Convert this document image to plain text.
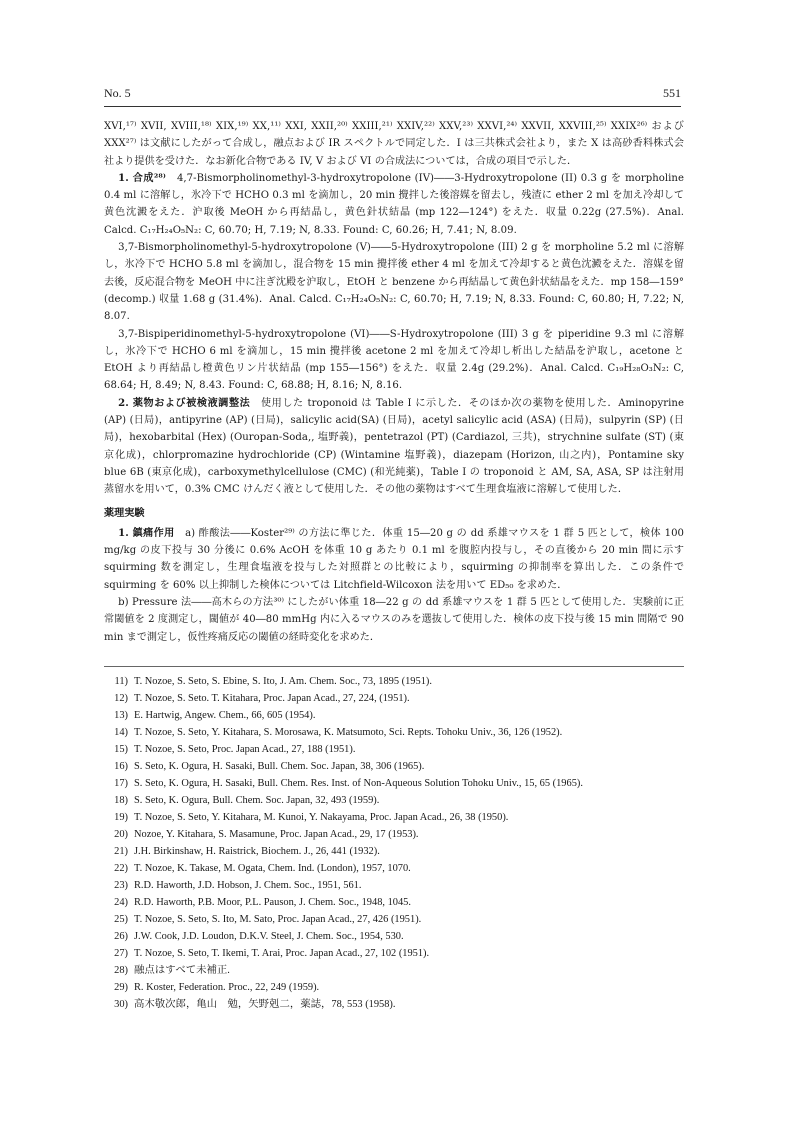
No. 5	551

XVI,¹⁷⁾ XVII, XVIII,¹⁸⁾ XIX,¹⁹⁾ XX,¹¹⁾ XXI, XXII,²⁰⁾ XXIII,²¹⁾ XXIV,²²⁾ XXV,²³⁾ XXVI,²⁴⁾ XXVII, XXVIII,²⁵⁾ XXIX²⁶⁾ および XXX²⁷⁾ は文献にしたがって合成し，融点および IR スペクトルで同定した．I は三共株式会社より，また X は高砂香料株式会社より提供を受けた．なお新化合物である IV, V および VI の合成法については，合成の項目で示した．

1. 合成²⁸⁾　 4,7-Bismorpholinomethyl-3-hydroxytropolone (IV)――3-Hydroxytropolone (II) 0.3 g を morpholine 0.4 ml に溶解し，氷冷下で HCHO 0.3 ml を滴加し，20 min 攪拌した後溶媒を留去し，残渣に ether 2 ml を加え冷却して黄色沈澱をえた．沪取後 MeOH から再結晶し，黄色針状結晶 (mp 122―124°) をえた．収量 0.22g (27.5%)．Anal. Calcd. C₁₇H₂₄O₅N₂: C, 60.70; H, 7.19; N, 8.33. Found: C, 60.26; H, 7.41; N, 8.09.

3,7-Bismorpholinomethyl-5-hydroxytropolone (V)――5-Hydroxytropolone (III) 2 g を morpholine 5.2 ml に溶解し，氷冷下で HCHO 5.8 ml を滴加し，混合物を 15 min 攪拌後 ether 4 ml を加えて冷却すると黄色沈澱をえた．溶媒を留去後，反応混合物を MeOH 中に注ぎ沈殿を沪取し，EtOH と benzene から再結晶して黄色針状結晶をえた．mp 158―159° (decomp.) 収量 1.68 g (31.4%)．Anal. Calcd. C₁₇H₂₄O₅N₂: C, 60.70; H, 7.19; N, 8.33. Found: C, 60.80; H, 7.22; N, 8.07.

3,7-Bispiperidinomethyl-5-hydroxytropolone (VI)――S-Hydroxytropolone (III) 3 g を piperidine 9.3 ml に溶解し，氷冷下で HCHO 6 ml を滴加し，15 min 攪拌後 acetone 2 ml を加えて冷却し析出した結晶を沪取し，acetone と EtOH より再結晶し橙黄色リン片状結晶 (mp 155―156°) をえた．収量 2.4g (29.2%)．Anal. Calcd. C₁₉H₂₈O₃N₂: C, 68.64; H, 8.49; N, 8.43. Found: C, 68.88; H, 8.16; N, 8.16.

2. 薬物および被検液調整法　 使用した troponoid は Table I に示した．そのほか次の薬物を使用した．Aminopyrine (AP) (日局)，antipyrine (AP) (日局)，salicylic acid(SA) (日局)，acetyl salicylic acid (ASA) (日局)，sulpyrin (SP) (日局)，hexobarbital (Hex) (Ouropan-Soda,, 塩野義)，pentetrazol (PT) (Cardiazol, 三共)，strychnine sulfate (ST) (東京化成)，chlorpromazine hydrochloride (CP) (Wintamine 塩野義)，diazepam (Horizon, 山之内)，Pontamine sky blue 6B (東京化成)，carboxymethylcellulose (CMC) (和光純薬)，Table I の troponoid と AM, SA, ASA, SP は注射用蒸留水を用いて，0.3% CMC けんだく液として使用した．その他の薬物はすべて生理食塩液に溶解して使用した．

薬理実験

1. 鎮痛作用　 a) 酢酸法――Koster²⁹⁾ の方法に準じた．体重 15―20 g の dd 系雄マウスを 1 群 5 匹として，検体 100 mg/kg の皮下投与 30 分後に 0.6% AcOH を体重 10 g あたり 0.1 ml を腹腔内投与し，その直後から 20 min 間に示す squirming 数を測定し，生理食塩液を投与した対照群との比較により，squirming の抑制率を算出した．この条件で squirming を 60% 以上抑制した検体については Litchfield-Wilcoxon 法を用いて ED₅₀ を求めた．

b) Pressure 法――高木らの方法³⁰⁾ にしたがい体重 18―22 g の dd 系雄マウスを 1 群 5 匹として使用した．実験前に正常閾値を 2 度測定し，閾値が 40―80 mmHg 内に入るマウスのみを選抜して使用した．検体の皮下投与後 15 min 間隔で 90 min まで測定し，仮性疼痛反応の閾値の経時変化を求めた．

11) T. Nozoe, S. Seto, S. Ebine, S. Ito, J. Am. Chem. Soc., 73, 1895 (1951).
12) T. Nozoe, S. Seto. T. Kitahara, Proc. Japan Acad., 27, 224, (1951).
13) E. Hartwig, Angew. Chem., 66, 605 (1954).
14) T. Nozoe, S. Seto, Y. Kitahara, S. Morosawa, K. Matsumoto, Sci. Repts. Tohoku Univ., 36, 126 (1952).
15) T. Nozoe, S. Seto, Proc. Japan Acad., 27, 188 (1951).
16) S. Seto, K. Ogura, H. Sasaki, Bull. Chem. Soc. Japan, 38, 306 (1965).
17) S. Seto, K. Ogura, H. Sasaki, Bull. Chem. Res. Inst. of Non-Aqueous Solution Tohoku Univ., 15, 65 (1965).
18) S. Seto, K. Ogura, Bull. Chem. Soc. Japan, 32, 493 (1959).
19) T. Nozoe, S. Seto, Y. Kitahara, M. Kunoi, Y. Nakayama, Proc. Japan Acad., 26, 38 (1950).
20) Nozoe, Y. Kitahara, S. Masamune, Proc. Japan Acad., 29, 17 (1953).
21) J.H. Birkinshaw, H. Raistrick, Biochem. J., 26, 441 (1932).
22) T. Nozoe, K. Takase, M. Ogata, Chem. Ind. (London), 1957, 1070.
23) R.D. Haworth, J.D. Hobson, J. Chem. Soc., 1951, 561.
24) R.D. Haworth, P.B. Moor, P.L. Pauson, J. Chem. Soc., 1948, 1045.
25) T. Nozoe, S. Seto, S. Ito, M. Sato, Proc. Japan Acad., 27, 426 (1951).
26) J.W. Cook, J.D. Loudon, D.K.V. Steel, J. Chem. Soc., 1954, 530.
27) T. Nozoe, S. Seto, T. Ikemi, T. Arai, Proc. Japan Acad., 27, 102 (1951).
28) 融点はすべて未補正.
29) R. Koster, Federation. Proc., 22, 249 (1959).
30) 高木敬次郎，亀山　勉，矢野剋二，薬誌，78, 553 (1958).
